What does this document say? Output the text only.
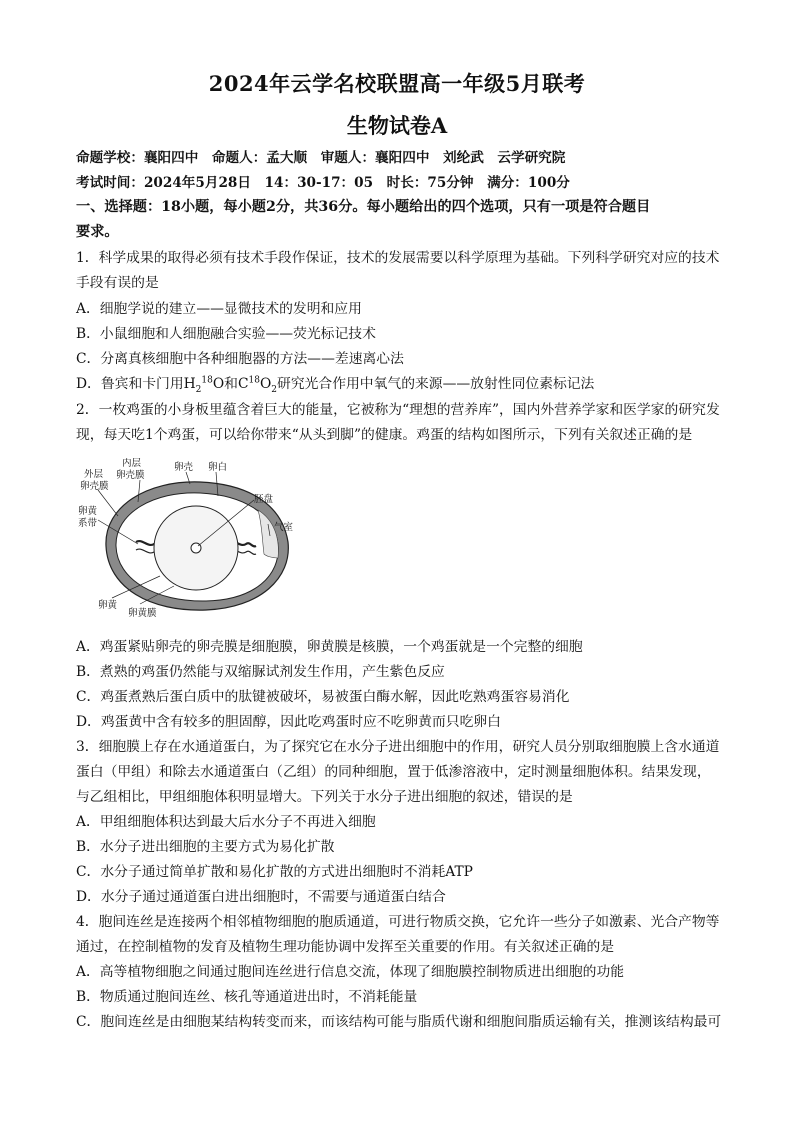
2024年云学名校联盟高一年级5月联考
生物试卷A
命题学校：襄阳四中　命题人：孟大顺　审题人：襄阳四中　刘纶武　云学研究院
考试时间：2024年5月28日　14：30-17：05　时长：75分钟　满分：100分
一、选择题：18小题，每小题2分，共36分。每小题给出的四个选项，只有一项是符合题目
要求。
1．科学成果的取得必须有技术手段作保证，技术的发展需要以科学原理为基础。下列科学研究对应的技术
手段有误的是
A．细胞学说的建立——显微技术的发明和应用
B．小鼠细胞和人细胞融合实验——荧光标记技术
C．分离真核细胞中各种细胞器的方法——差速离心法
D．鲁宾和卡门用$H_2^{18}O$和$C^{18}O_2$研究光合作用中氧气的来源——放射性同位素标记法
2．一枚鸡蛋的小身板里蕴含着巨大的能量，它被称为“理想的营养库”，国内外营养学家和医学家的研究发
现，每天吃1个鸡蛋，可以给你带来“从头到脚”的健康。鸡蛋的结构如图所示，下列有关叙述正确的是
外层
卵壳膜
内层
卵壳膜
卵壳 卵白
胚盘
卵黄
系带	气室
卵黄
卵黄膜
A．鸡蛋紧贴卵壳的卵壳膜是细胞膜，卵黄膜是核膜，一个鸡蛋就是一个完整的细胞
B．煮熟的鸡蛋仍然能与双缩脲试剂发生作用，产生紫色反应
C．鸡蛋煮熟后蛋白质中的肽键被破坏，易被蛋白酶水解，因此吃熟鸡蛋容易消化
D．鸡蛋黄中含有较多的胆固醇，因此吃鸡蛋时应不吃卵黄而只吃卵白
3．细胞膜上存在水通道蛋白，为了探究它在水分子进出细胞中的作用，研究人员分别取细胞膜上含水通道
蛋白（甲组）和除去水通道蛋白（乙组）的同种细胞，置于低渗溶液中，定时测量细胞体积。结果发现，
与乙组相比，甲组细胞体积明显增大。下列关于水分子进出细胞的叙述，错误的是
A．甲组细胞体积达到最大后水分子不再进入细胞
B．水分子进出细胞的主要方式为易化扩散
C．水分子通过简单扩散和易化扩散的方式进出细胞时不消耗ATP
D．水分子通过通道蛋白进出细胞时，不需要与通道蛋白结合
4．胞间连丝是连接两个相邻植物细胞的胞质通道，可进行物质交换，它允许一些分子如激素、光合产物等
通过，在控制植物的发育及植物生理功能协调中发挥至关重要的作用。有关叙述正确的是
A．高等植物细胞之间通过胞间连丝进行信息交流，体现了细胞膜控制物质进出细胞的功能
B．物质通过胞间连丝、核孔等通道进出时，不消耗能量
C．胞间连丝是由细胞某结构转变而来，而该结构可能与脂质代谢和细胞间脂质运输有关，推测该结构最可
